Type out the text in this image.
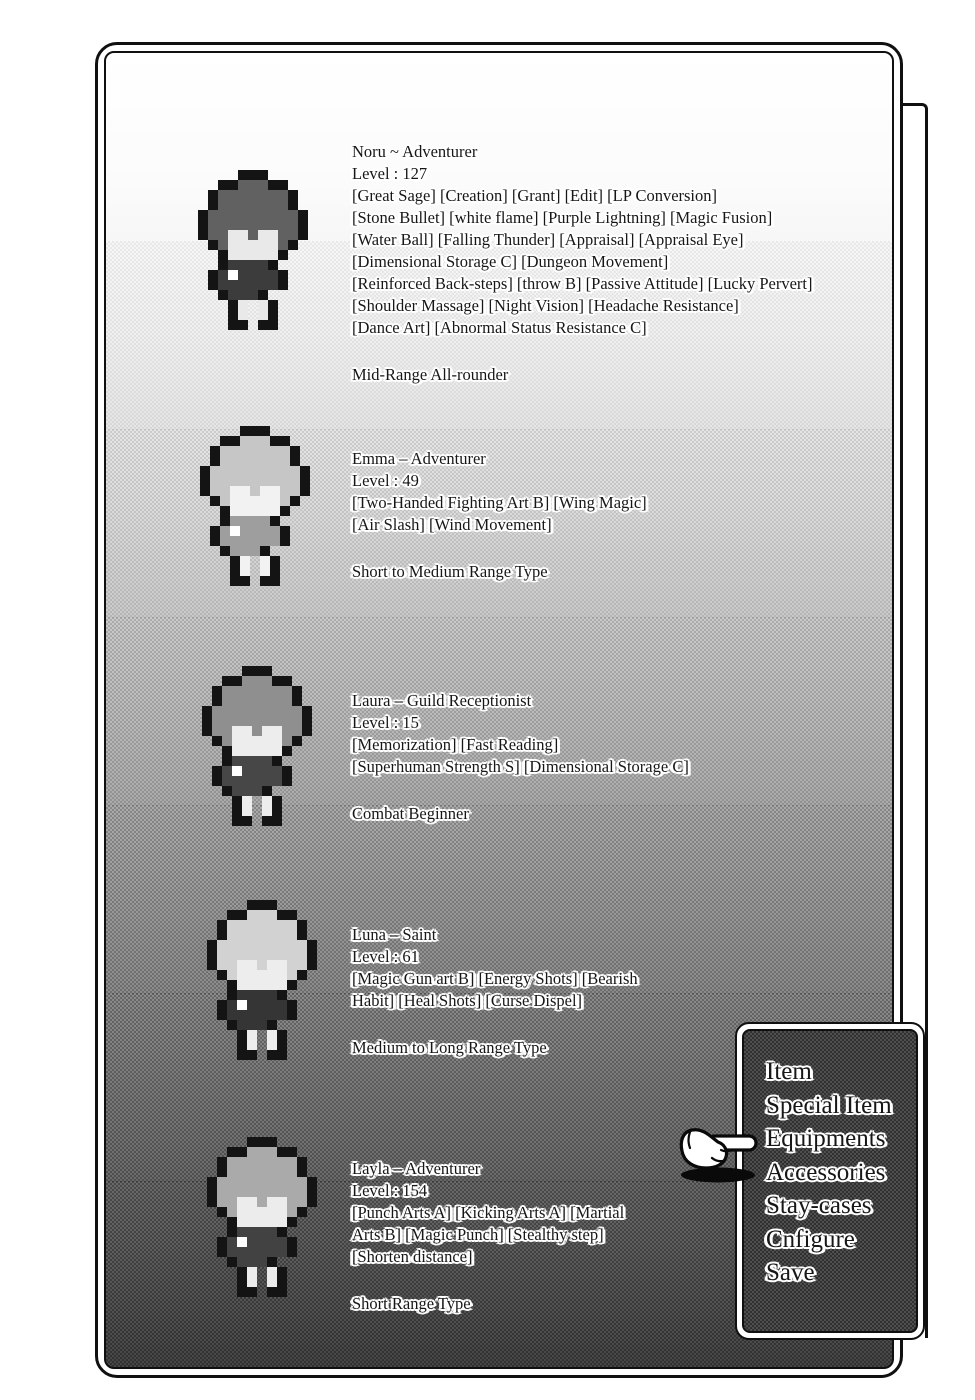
Noru ~ Adventurer
Level : 127
[Great Sage] [Creation] [Grant] [Edit] [LP Conversion]
[Stone Bullet] [white flame] [Purple Lightning] [Magic Fusion]
[Water Ball] [Falling Thunder] [Appraisal] [Appraisal Eye]
[Dimensional Storage C] [Dungeon Movement]
[Reinforced Back-steps] [throw B] [Passive Attitude] [Lucky Pervert]
[Shoulder Massage] [Night Vision] [Headache Resistance]
[Dance Art] [Abnormal Status Resistance C]
Mid-Range All-rounder
Emma – Adventurer
Level : 49
[Two-Handed Fighting Art B] [Wing Magic]
[Air Slash] [Wind Movement]
Short to Medium Range Type
Laura – Guild Receptionist
Level : 15
[Memorization] [Fast Reading]
[Superhuman Strength S] [Dimensional Storage C]
Combat Beginner
Luna – Saint
Level : 61
[Magic Gun art B] [Energy Shots] [Bearish
Habit] [Heal Shots] [Curse Dispel]
Medium to Long Range Type
Layla – Adventurer
Level : 154
[Punch Arts A] [Kicking Arts A] [Martial
Arts B] [Magic Punch] [Stealthy step]
[Shorten distance]
Short Range Type
Item
Special Item
Equipments
Accessories
Stay-cases
Cnfigure
Save
